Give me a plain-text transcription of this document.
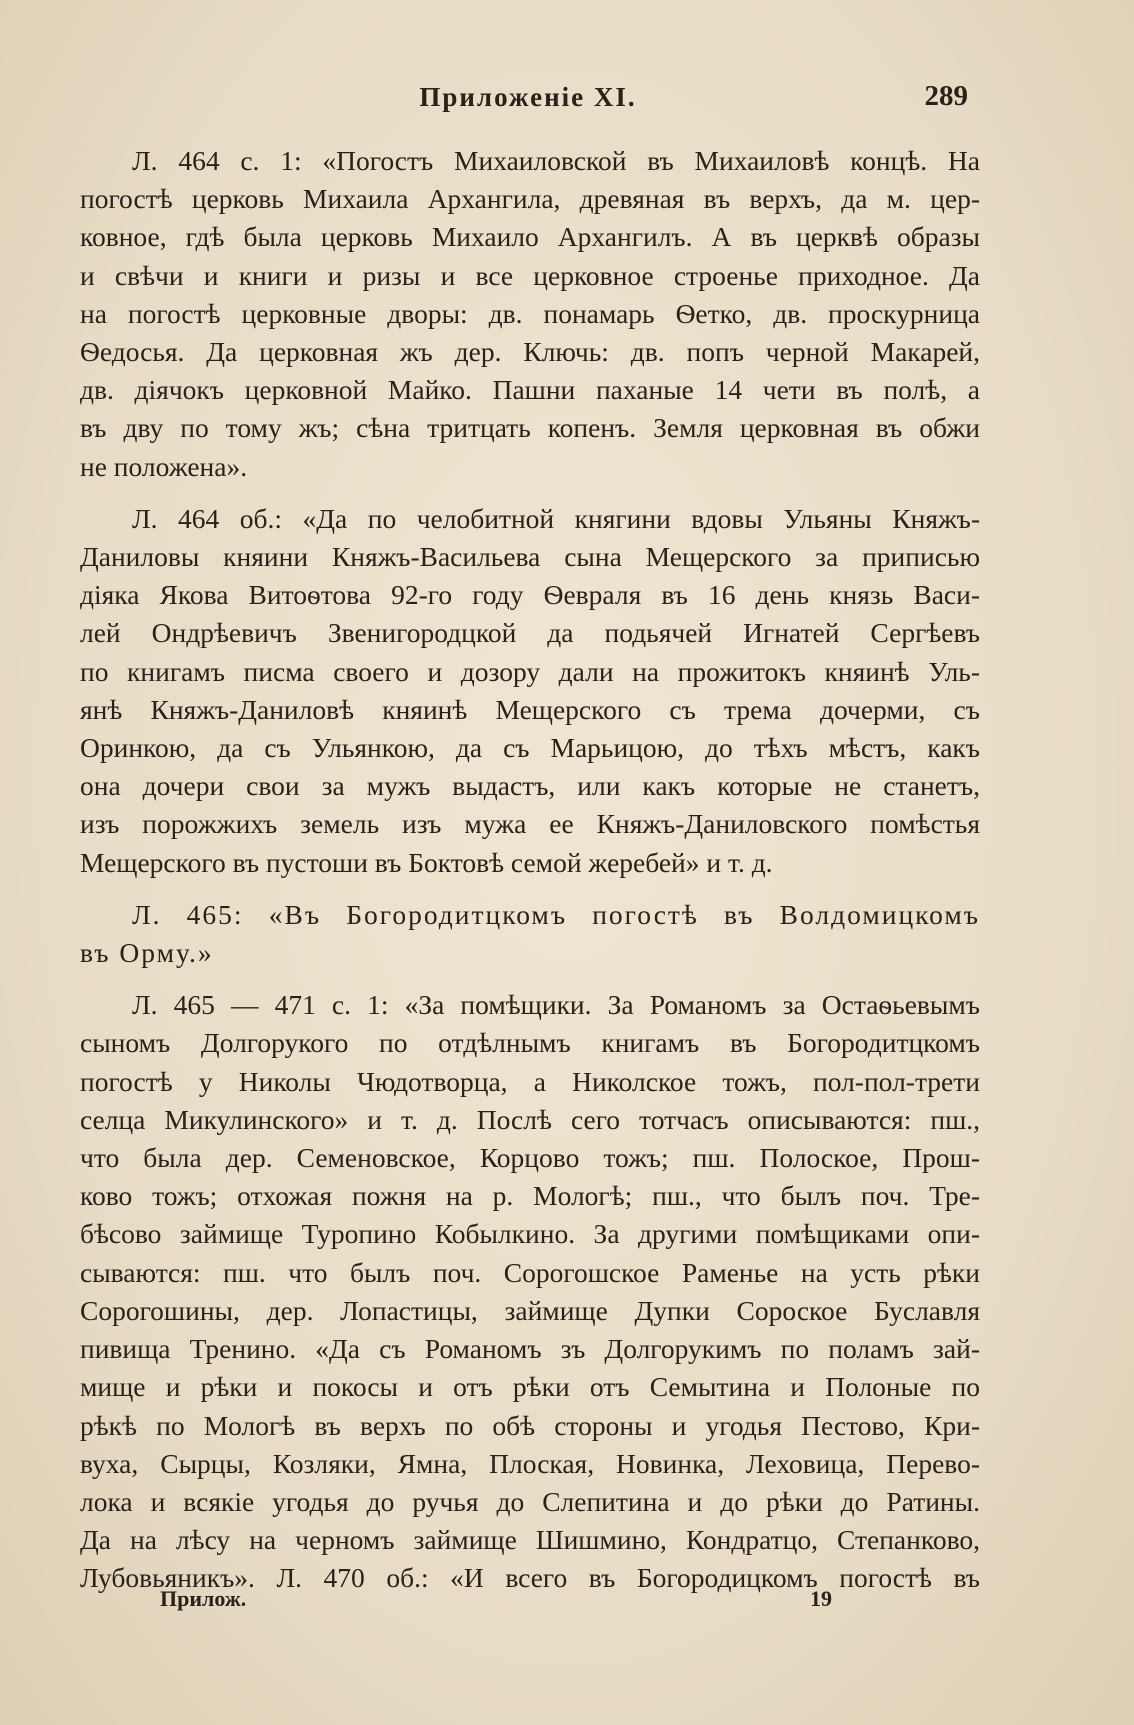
Приложеніе XI.	289
Л. 464 с. 1: «Погостъ Михаиловской въ Михаиловѣ концѣ. На
погостѣ церковь Михаила Архангила, древяная въ верхъ, да м. цер-
ковное, гдѣ была церковь Михаило Архангилъ. А въ церквѣ образы
и свѣчи и книги и ризы и все церковное строенье приходное. Да
на погостѣ церковные дворы: дв. понамарь Ѳетко, дв. проскурница
Ѳедосья. Да церковная жъ дер. Ключь: дв. попъ черной Макарей,
дв. діячокъ церковной Майко. Пашни паханые 14 чети въ полѣ, а
въ дву по тому жъ; сѣна тритцать копенъ. Земля церковная въ обжи
не положена».
Л. 464 об.: «Да по челобитной княгини вдовы Ульяны Княжъ-
Даниловы княини Княжъ-Васильева сына Мещерского за приписью
діяка Якова Витоѳтова 92-го году Ѳевраля въ 16 день князь Васи-
лей Ондрѣевичъ Звенигородцкой да подьячей Игнатей Сергѣевъ
по книгамъ писма своего и дозору дали на прожитокъ княинѣ Уль-
янѣ Княжъ-Даниловѣ княинѣ Мещерского съ трема дочерми, съ
Оринкою, да съ Ульянкою, да съ Марьицою, до тѣхъ мѣстъ, какъ
она дочери свои за мужъ выдастъ, или какъ которые не станетъ,
изъ порожжихъ земель изъ мужа ее Княжъ-Даниловского помѣстья
Мещерского въ пустоши въ Боктовѣ семой жеребей» и т. д.
Л. 465: «Въ Богородитцкомъ погостѣ въ Волдомицкомъ
въ Орму.»
Л. 465 — 471 с. 1: «За помѣщики. За Романомъ за Остаѳьевымъ
сыномъ Долгорукого по отдѣлнымъ книгамъ въ Богородитцкомъ
погостѣ у Николы Чюдотворца, а Николское тожъ, пол-пол-трети
селца Микулинского» и т. д. Послѣ сего тотчасъ описываются: пш.,
что была дер. Семеновское, Корцово тожъ; пш. Полоское, Прош-
ково тожъ; отхожая пожня на р. Mологѣ; пш., что былъ поч. Тре-
бѣсово займище Туропино Кобылкино. За другими помѣщиками опи-
сываются: пш. что былъ поч. Сорогошское Раменье на усть рѣки
Сорогошины, дер. Лопастицы, займище Дупки Сороское Буславля
пивища Тренино. «Да съ Романомъ зъ Долгорукимъ по поламъ зай-
мище и рѣки и покосы и отъ рѣки отъ Семытина и Полоные по
рѣкѣ по Mологѣ въ верхъ по обѣ стороны и угодья Пестово, Кри-
вуха, Сырцы, Козляки, Ямна, Плоская, Новинка, Леховица, Перево-
лока и всякіе угодья до ручья до Слепитина и до рѣки до Ратины.
Да на лѣсу на черномъ займище Шишмино, Кондратцо, Степанково,
Лубовьяникъ». Л. 470 об.: «И всего въ Богородицкомъ погостѣ въ
Прилож.	19
